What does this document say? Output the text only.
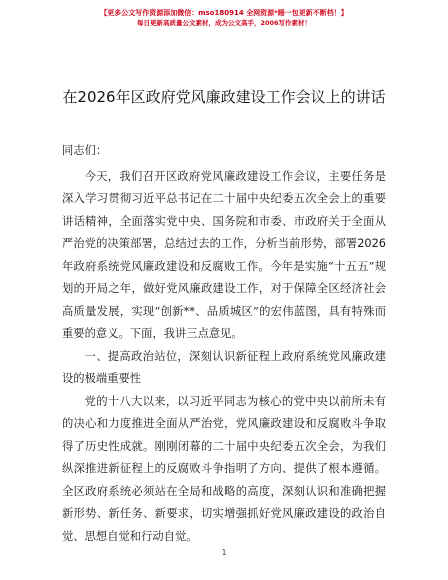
【更多公文写作资源添加微信：mso180914 全网资源*睡一包更新不断档！】
每日更新高质量公文素材，成为公文高手，2006写作素材！
在2026年区政府党风廉政建设工作会议上的讲话

同志们：

今天，我们召开区政府党风廉政建设工作会议，主要任务是深入学习贯彻习近平总书记在二十届中央纪委五次全会上的重要讲话精神，全面落实党中央、国务院和市委、市政府关于全面从严治党的决策部署，总结过去的工作，分析当前形势，部署2026年政府系统党风廉政建设和反腐败工作。今年是实施“十五五”规划的开局之年，做好党风廉政建设工作，对于保障全区经济社会高质量发展，实现“创新**、品质城区”的宏伟蓝图，具有特殊而重要的意义。下面，我讲三点意见。

一、提高政治站位，深刻认识新征程上政府系统党风廉政建设的极端重要性

党的十八大以来，以习近平同志为核心的党中央以前所未有的决心和力度推进全面从严治党，党风廉政建设和反腐败斗争取得了历史性成就。刚刚闭幕的二十届中央纪委五次全会，为我们纵深推进新征程上的反腐败斗争指明了方向、提供了根本遵循。全区政府系统必须站在全局和战略的高度，深刻认识和准确把握新形势、新任务、新要求，切实增强抓好党风廉政建设的政治自觉、思想自觉和行动自觉。

1
